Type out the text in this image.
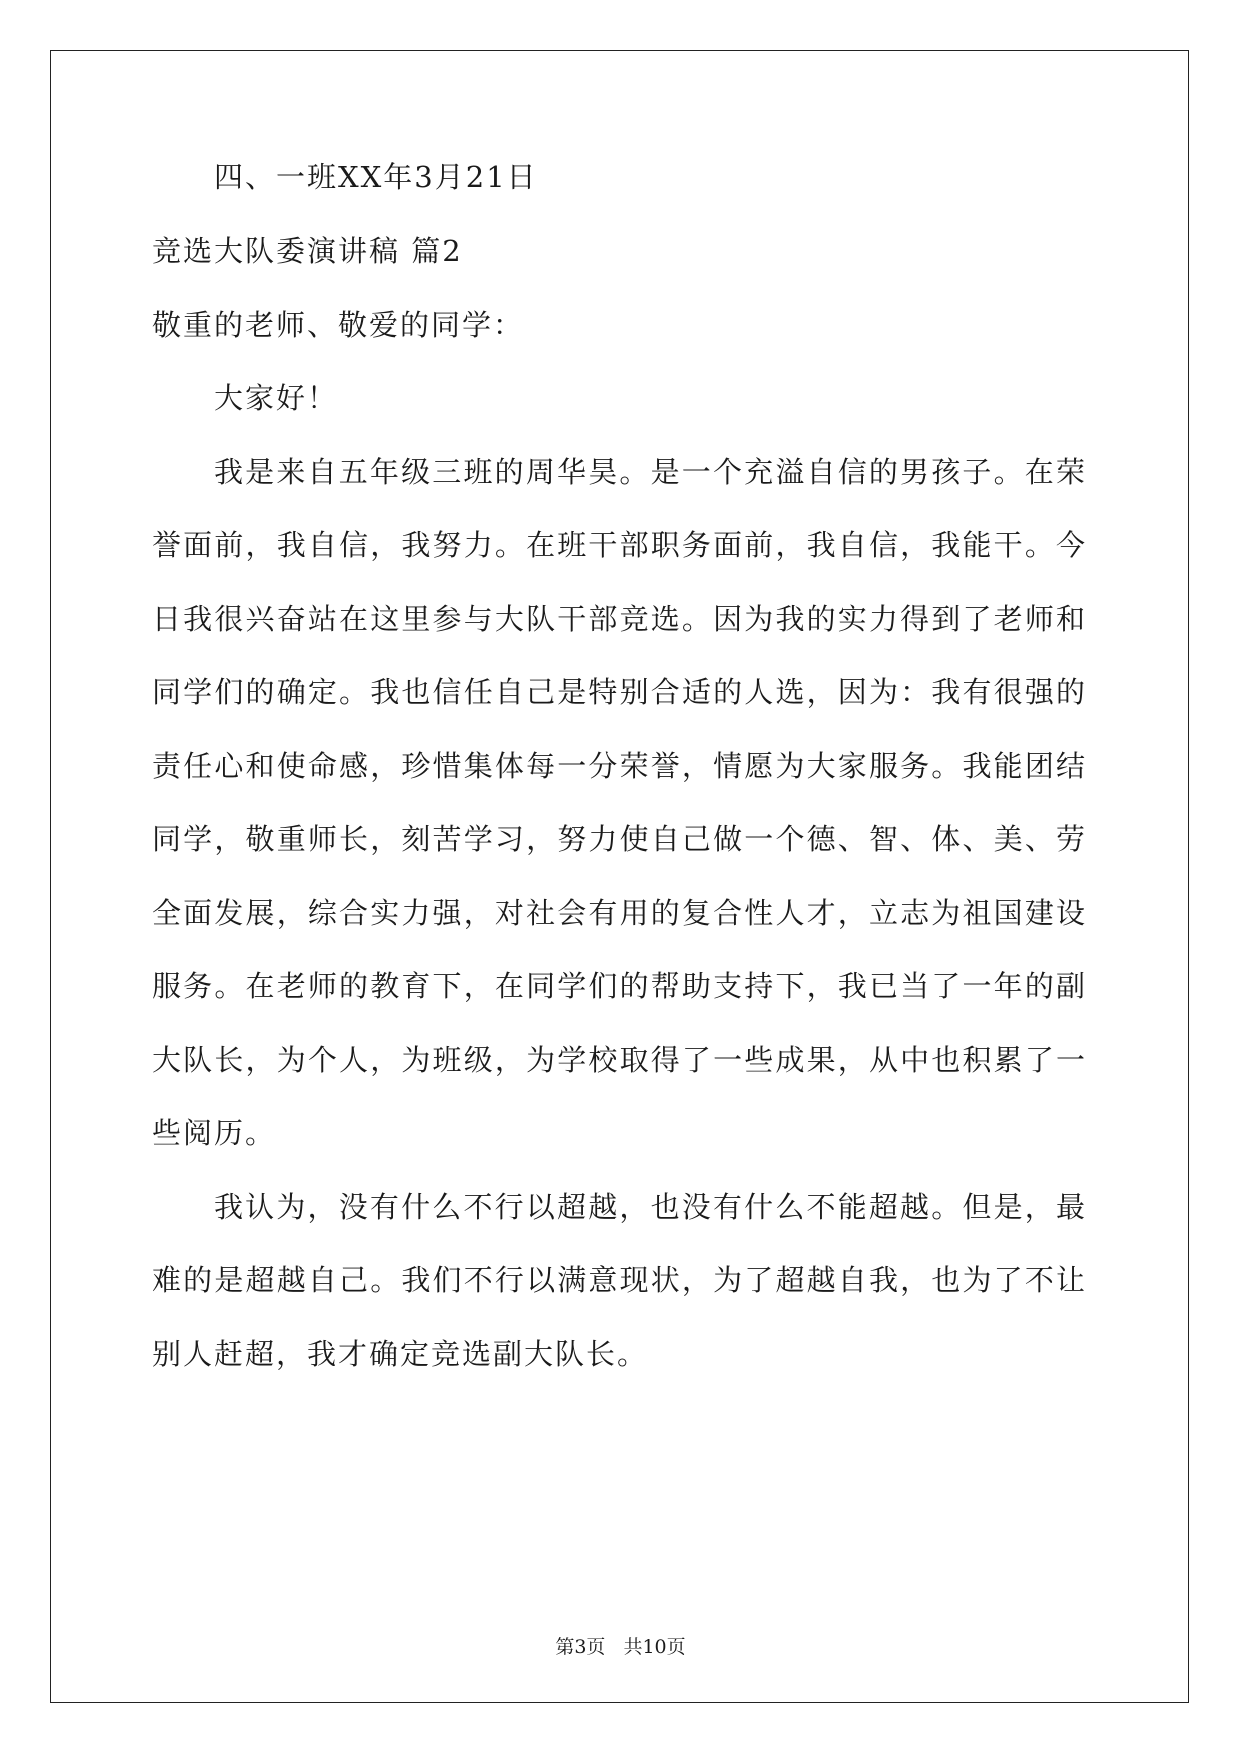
四、一班XX年3月21日
竞选大队委演讲稿 篇2
敬重的老师、敬爱的同学：
大家好！
我是来自五年级三班的周华昊。是一个充溢自信的男孩子。在荣
誉面前，我自信，我努力。在班干部职务面前，我自信，我能干。今
日我很兴奋站在这里参与大队干部竞选。因为我的实力得到了老师和
同学们的确定。我也信任自己是特别合适的人选，因为：我有很强的
责任心和使命感，珍惜集体每一分荣誉，情愿为大家服务。我能团结
同学，敬重师长，刻苦学习，努力使自己做一个德、智、体、美、劳
全面发展，综合实力强，对社会有用的复合性人才，立志为祖国建设
服务。在老师的教育下，在同学们的帮助支持下，我已当了一年的副
大队长，为个人，为班级，为学校取得了一些成果，从中也积累了一
些阅历。
我认为，没有什么不行以超越，也没有什么不能超越。但是，最
难的是超越自己。我们不行以满意现状，为了超越自我，也为了不让
别人赶超，我才确定竞选副大队长。
第3页 共10页
